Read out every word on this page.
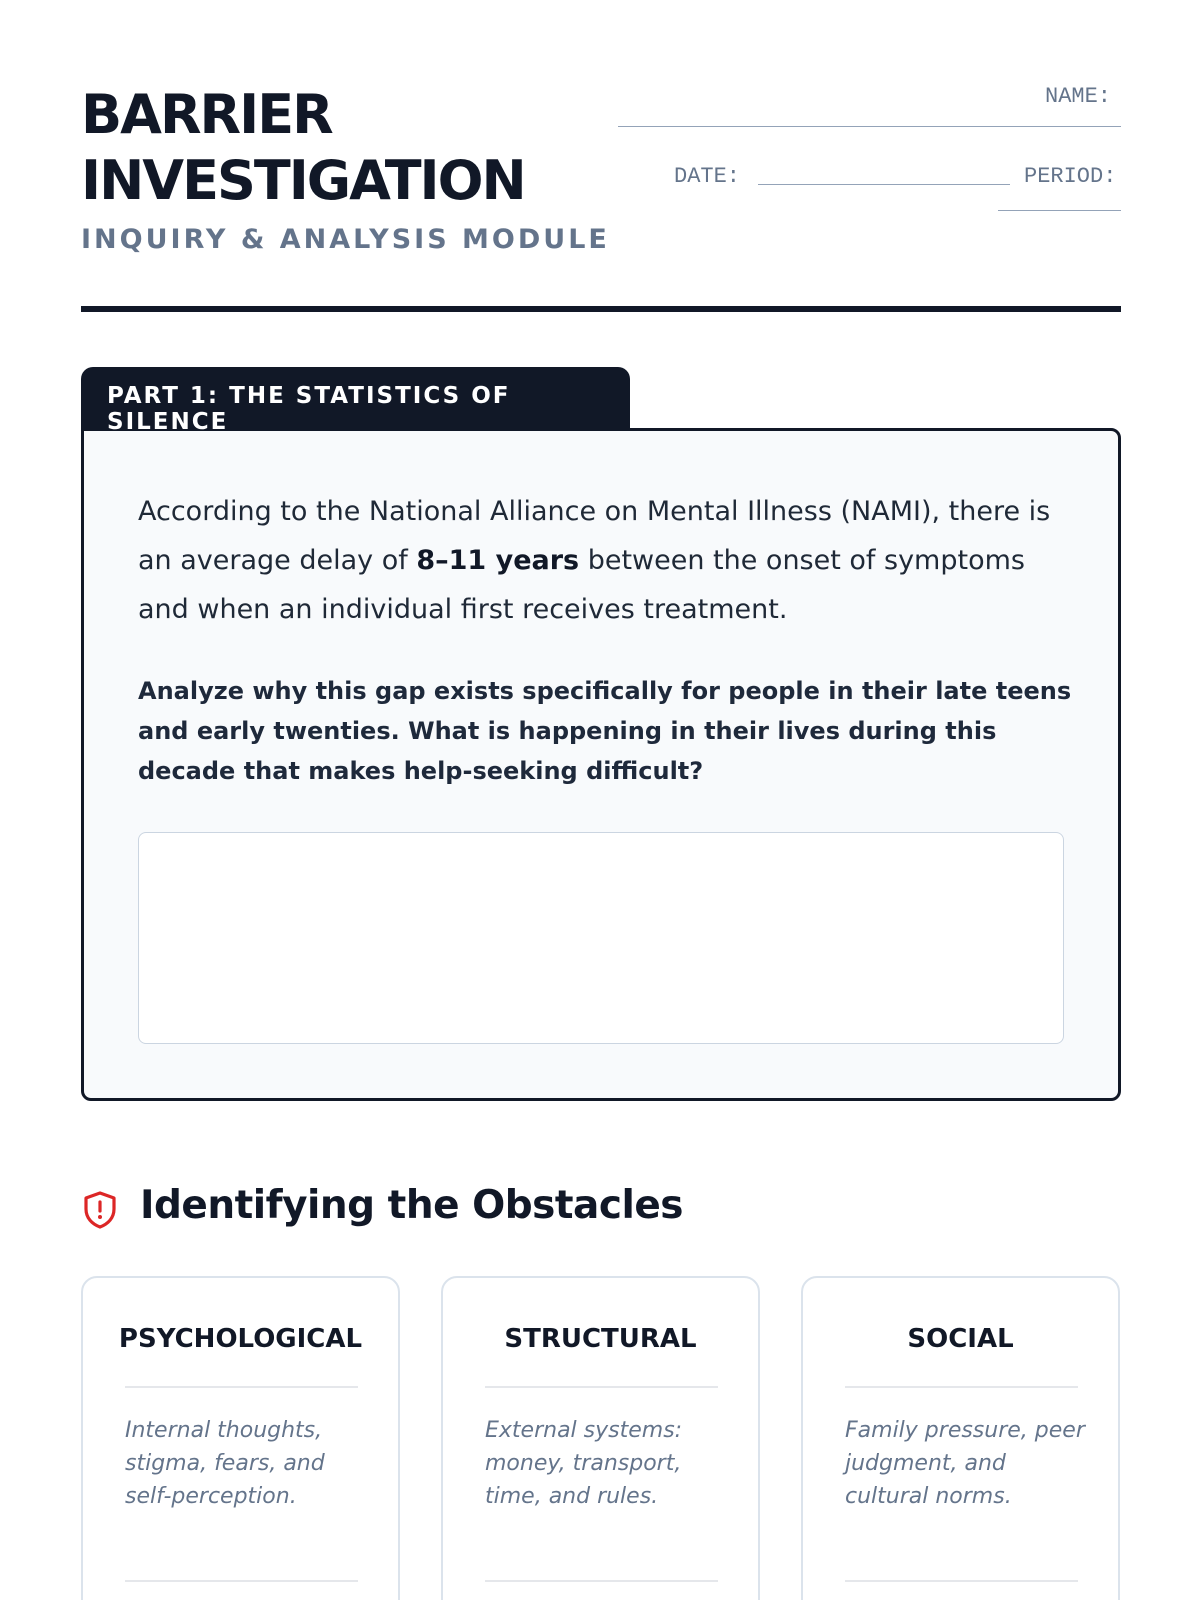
BARRIER
INVESTIGATION
INQUIRY & ANALYSIS MODULE
NAME:
DATE:	PERIOD:
PART 1: THE STATISTICS OF SILENCE
According to the National Alliance on Mental Illness (NAMI), there is an average delay of 8–11 years between the onset of symptoms and when an individual first receives treatment.
Analyze why this gap exists specifically for people in their late teens and early twenties. What is happening in their lives during this decade that makes help-seeking difficult?
Identifying the Obstacles
PSYCHOLOGICAL
Internal thoughts, stigma, fears, and self-perception.
STRUCTURAL
External systems: money, transport, time, and rules.
SOCIAL
Family pressure, peer judgment, and cultural norms.
